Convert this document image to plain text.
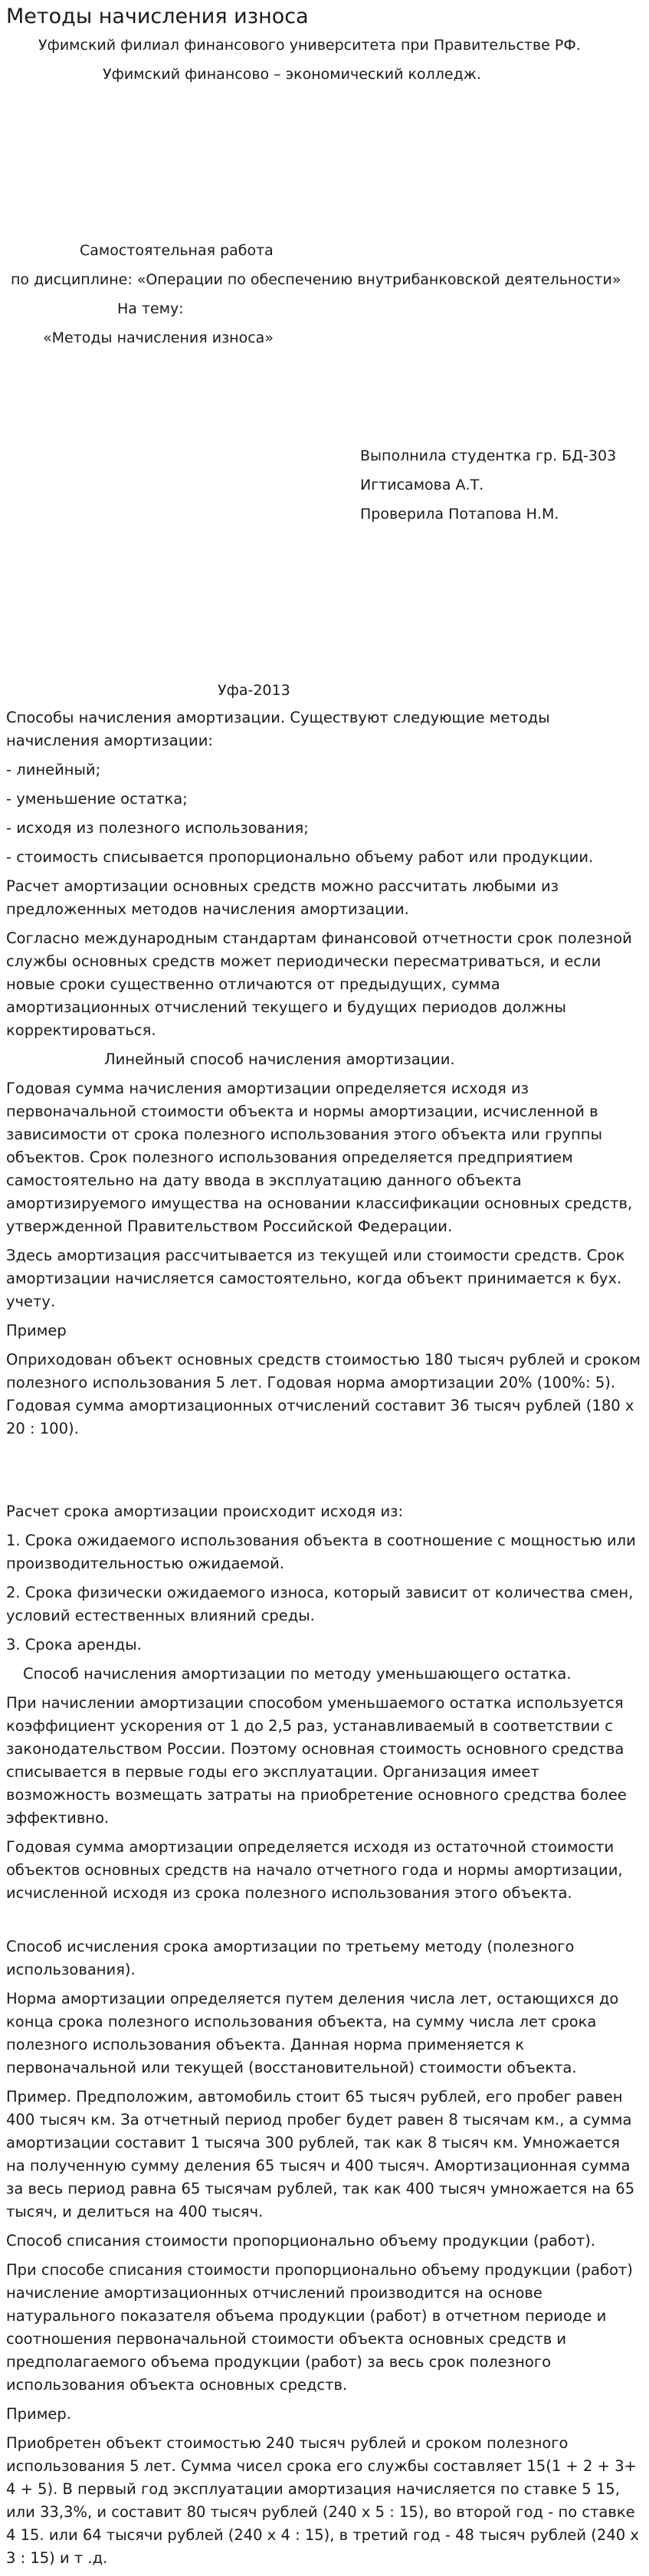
Методы начисления износа
Уфимский филиал финансового университета при Правительстве РФ.
Уфимский финансово – экономический колледж.
Самостоятельная работа
по дисциплине: «Операции по обеспечению внутрибанковской деятельности»
На тему:
«Методы начисления износа»
Выполнила студентка гр. БД-303
Игтисамова А.Т.
Проверила Потапова Н.М.
Уфа-2013

Способы начисления амортизации. Существуют следующие методы начисления амортизации:

- линейный;

- уменьшение остатка;

- исходя из полезного использования;

- стоимость списывается пропорционально объему работ или продукции.

Расчет амортизации основных средств можно рассчитать любыми из предложенных методов начисления амортизации.

Согласно международным стандартам финансовой отчетности срок полезной службы основных средств может периодически пересматриваться, и если новые сроки существенно отличаются от предыдущих, сумма амортизационных отчислений текущего и будущих периодов должны корректироваться.

Линейный способ начисления амортизации.

Годовая сумма начисления амортизации определяется исходя из первоначальной стоимости объекта и нормы амортизации, исчисленной в зависимости от срока полезного использования этого объекта или группы объектов. Срок полезного использования определяется предприятием самостоятельно на дату ввода в эксплуатацию данного объекта амортизируемого имущества на основании классификации основных средств, утвержденной Правительством Российской Федерации.

Здесь амортизация рассчитывается из текущей или стоимости средств. Срок амортизации начисляется самостоятельно, когда объект принимается к бух. учету.

Пример

Оприходован объект основных средств стоимостью 180 тысяч рублей и сроком полезного использования 5 лет. Годовая норма амортизации 20% (100%: 5). Годовая сумма амортизационных отчислений составит 36 тысяч рублей (180 х 20 : 100).

Расчет срока амортизации происходит исходя из:

1. Срока ожидаемого использования объекта в соотношение с мощностью или производительностью ожидаемой.

2. Срока физически ожидаемого износа, который зависит от количества смен, условий естественных влияний среды.

3. Срока аренды.

Способ начисления амортизации по методу уменьшающего остатка.

При начислении амортизации способом уменьшаемого остатка используется коэффициент ускорения от 1 до 2,5 раз, устанавливаемый в соответствии с законодательством России. Поэтому основная стоимость основного средства списывается в первые годы его эксплуатации. Организация имеет возможность возмещать затраты на приобретение основного средства более эффективно.

Годовая сумма амортизации определяется исходя из остаточной стоимости объектов основных средств на начало отчетного года и нормы амортизации, исчисленной исходя из срока полезного использования этого объекта.

Способ исчисления срока амортизации по третьему методу (полезного использования).

Норма амортизации определяется путем деления числа лет, остающихся до конца срока полезного использования объекта, на сумму числа лет срока полезного использования объекта. Данная норма применяется к первоначальной или текущей (восстановительной) стоимости объекта.

Пример. Предположим, автомобиль стоит 65 тысяч рублей, его пробег равен 400 тысяч км. За отчетный период пробег будет равен 8 тысячам км., а сумма амортизации составит 1 тысяча 300 рублей, так как 8 тысяч км. Умножается на полученную сумму деления 65 тысяч и 400 тысяч. Амортизационная сумма за весь период равна 65 тысячам рублей, так как 400 тысяч умножается на 65 тысяч, и делиться на 400 тысяч.

Способ списания стоимости пропорционально объему продукции (работ).

При способе списания стоимости пропорционально объему продукции (работ) начисление амортизационных отчислений производится на основе натурального показателя объема продукции (работ) в отчетном периоде и соотношения первоначальной стоимости объекта основных средств и предполагаемого объема продукции (работ) за весь срок полезного использования объекта основных средств.

Пример.

Приобретен объект стоимостью 240 тысяч рублей и сроком полезного использования 5 лет. Сумма чисел срока его службы составляет 15(1 + 2 + 3+ 4 + 5). В первый год эксплуатации амортизация начисляется по ставке 5 15, или 33,3%, и составит 80 тысяч рублей (240 х 5 : 15), во второй год - по ставке 4 15. или 64 тысячи рублей (240 х 4 : 15), в третий год - 48 тысяч рублей (240 х 3 : 15) и т .д.
